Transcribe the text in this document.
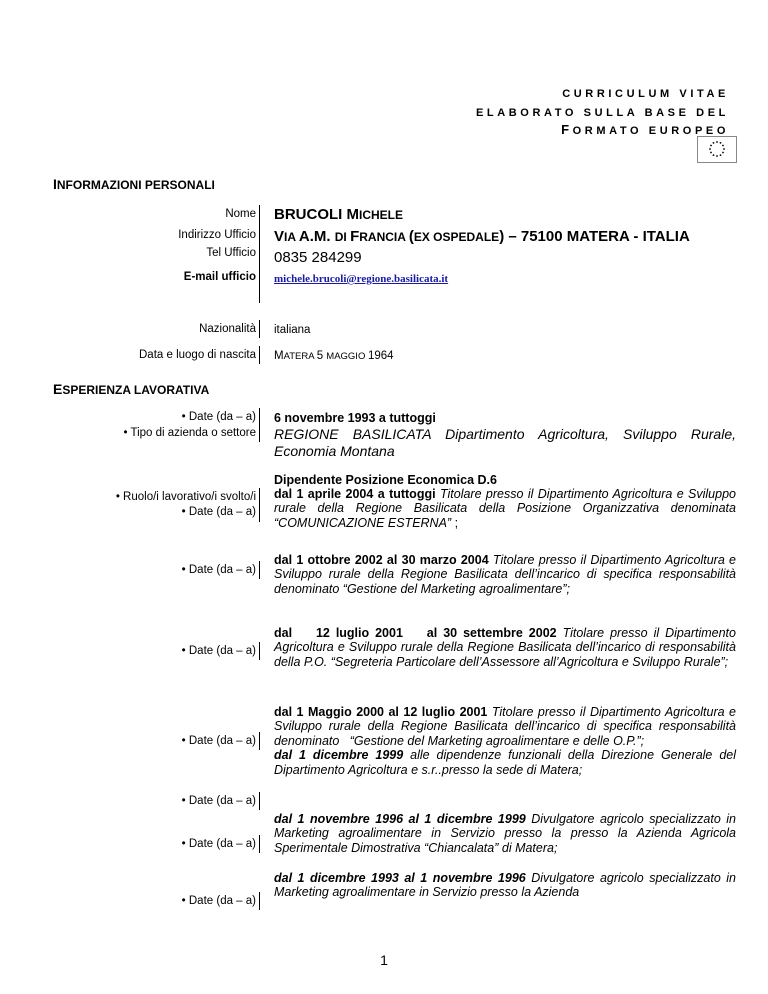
CURRICULUM VITAE
ELABORATO SULLA BASE DEL
FORMATO EUROPEO
INFORMAZIONI PERSONALI
Nome
Indirizzo Ufficio
Tel Ufficio
E-mail ufficio
Nazionalità
Data e luogo di nascita
BRUCOLI MICHELE
VIA A.M. DI FRANCIA (EX OSPEDALE) – 75100 MATERA - ITALIA
0835 284299
michele.brucoli@regione.basilicata.it
italiana
MATERA 5 MAGGIO 1964
ESPERIENZA LAVORATIVA
• Date (da – a)
• Tipo di azienda o settore
• Ruolo/i lavorativo/i svolto/i
• Date (da – a)
• Date (da – a)
• Date (da – a)
• Date (da – a)
• Date (da – a)
• Date (da – a)
• Date (da – a)
6 novembre 1993 a tuttoggi
REGIONE BASILICATA Dipartimento Agricoltura, Sviluppo Rurale, Economia Montana
Dipendente Posizione Economica D.6
dal 1 aprile 2004 a tuttoggi Titolare presso il Dipartimento Agricoltura e Sviluppo rurale della Regione Basilicata della Posizione Organizzativa denominata “COMUNICAZIONE ESTERNA” ;
dal 1 ottobre 2002 al 30 marzo 2004 Titolare presso il Dipartimento Agricoltura e Sviluppo rurale della Regione Basilicata dell’incarico di specifica responsabilità denominato “Gestione del Marketing agroalimentare”;
dal    12 luglio 2001    al 30 settembre 2002 Titolare presso il Dipartimento Agricoltura e Sviluppo rurale della Regione Basilicata dell’incarico di responsabilità della P.O. “Segreteria Particolare dell’Assessore all’Agricoltura e Sviluppo Rurale”;
dal 1 Maggio 2000 al 12 luglio 2001 Titolare presso il Dipartimento Agricoltura e Sviluppo rurale della Regione Basilicata dell’incarico di specifica responsabilità denominato   “Gestione del Marketing agroalimentare e delle O.P.”;
dal 1 dicembre 1999 alle dipendenze funzionali della Direzione Generale del Dipartimento Agricoltura e s.r..presso la sede di Matera;
dal 1 novembre 1996 al 1 dicembre 1999 Divulgatore agricolo specializzato in Marketing agroalimentare in Servizio presso la presso la Azienda Agricola Sperimentale Dimostrativa “Chiancalata” di Matera;
dal 1 dicembre 1993 al 1 novembre 1996 Divulgatore agricolo specializzato in Marketing agroalimentare in Servizio presso la Azienda
1
